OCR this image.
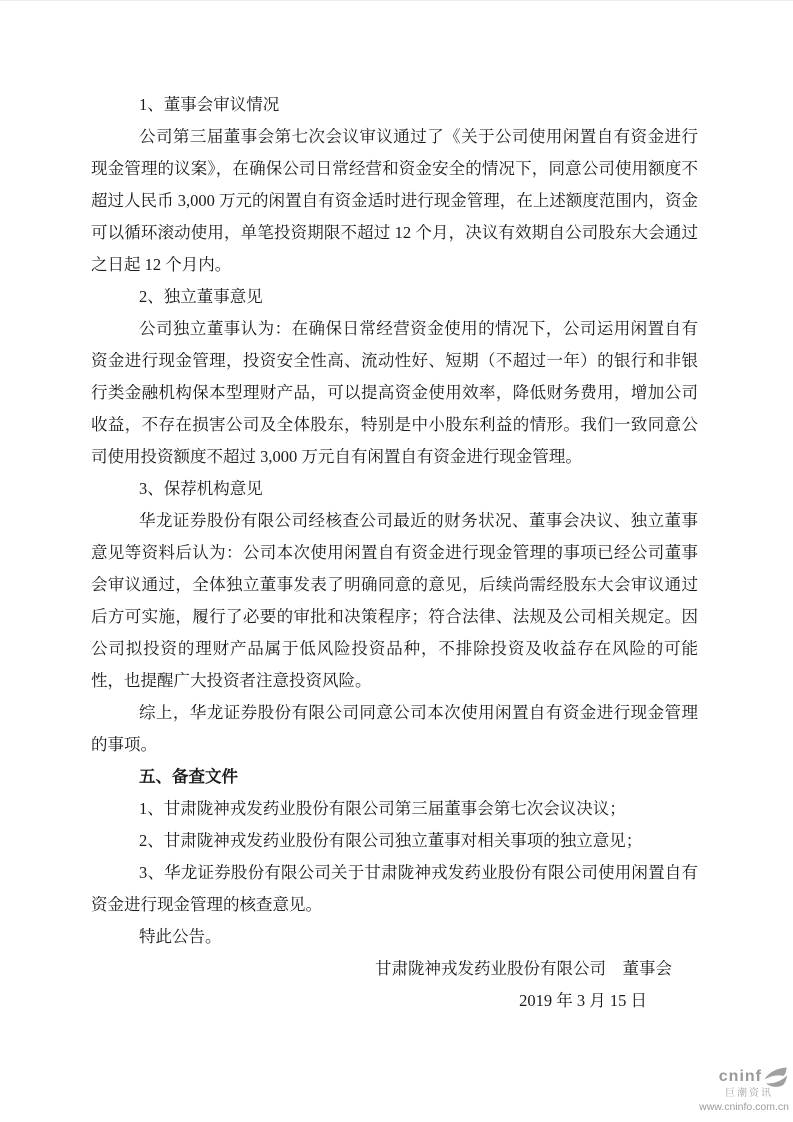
1、董事会审议情况

公司第三届董事会第七次会议审议通过了《关于公司使用闲置自有资金进行现金管理的议案》，在确保公司日常经营和资金安全的情况下，同意公司使用额度不超过人民币 3,000 万元的闲置自有资金适时进行现金管理，在上述额度范围内，资金可以循环滚动使用，单笔投资期限不超过 12 个月，决议有效期自公司股东大会通过之日起 12 个月内。

2、独立董事意见

公司独立董事认为：在确保日常经营资金使用的情况下，公司运用闲置自有资金进行现金管理，投资安全性高、流动性好、短期（不超过一年）的银行和非银行类金融机构保本型理财产品，可以提高资金使用效率，降低财务费用，增加公司收益，不存在损害公司及全体股东，特别是中小股东利益的情形。我们一致同意公司使用投资额度不超过 3,000 万元自有闲置自有资金进行现金管理。

3、保荐机构意见

华龙证券股份有限公司经核查公司最近的财务状况、董事会决议、独立董事意见等资料后认为：公司本次使用闲置自有资金进行现金管理的事项已经公司董事会审议通过，全体独立董事发表了明确同意的意见，后续尚需经股东大会审议通过后方可实施，履行了必要的审批和决策程序；符合法律、法规及公司相关规定。因公司拟投资的理财产品属于低风险投资品种，不排除投资及收益存在风险的可能性，也提醒广大投资者注意投资风险。

综上，华龙证券股份有限公司同意公司本次使用闲置自有资金进行现金管理的事项。

五、备查文件

1、甘肃陇神戎发药业股份有限公司第三届董事会第七次会议决议；

2、甘肃陇神戎发药业股份有限公司独立董事对相关事项的独立意见；

3、华龙证券股份有限公司关于甘肃陇神戎发药业股份有限公司使用闲置自有资金进行现金管理的核查意见。

特此公告。

甘肃陇神戎发药业股份有限公司　董事会

2019 年 3 月 15 日

cninf
巨潮资讯
www.cninfo.com.cn
